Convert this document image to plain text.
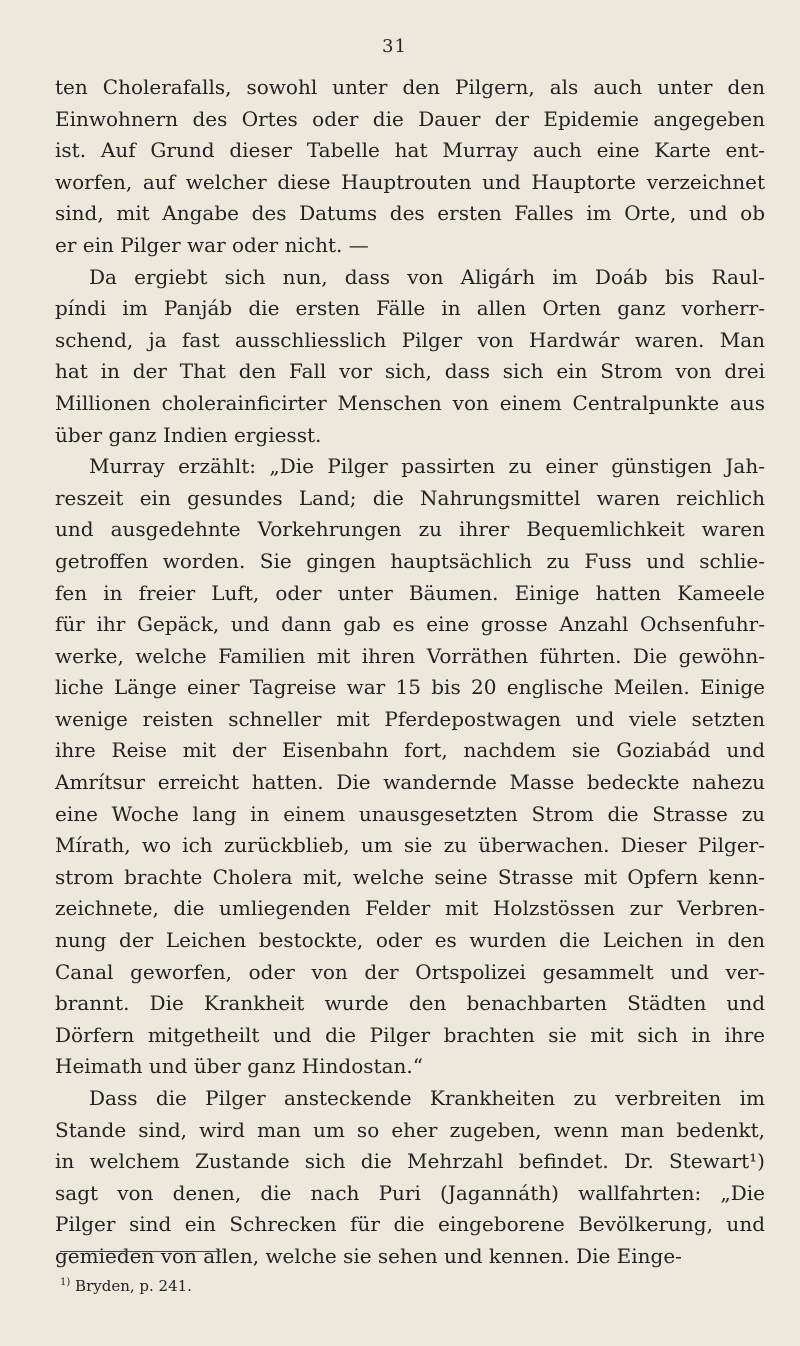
31
ten Cholerafalls, sowohl unter den Pilgern, als auch unter den
Einwohnern des Ortes oder die Dauer der Epidemie angegeben
ist. Auf Grund dieser Tabelle hat Murray auch eine Karte ent-
worfen, auf welcher diese Hauptrouten und Hauptorte verzeichnet
sind, mit Angabe des Datums des ersten Falles im Orte, und ob
er ein Pilger war oder nicht. —
Da ergiebt sich nun, dass von Aligárh im Doáb bis Raul-
píndi im Panjáb die ersten Fälle in allen Orten ganz vorherr-
schend, ja fast ausschliesslich Pilger von Hardwár waren. Man
hat in der That den Fall vor sich, dass sich ein Strom von drei
Millionen cholerainficirter Menschen von einem Centralpunkte aus
über ganz Indien ergiesst.
Murray erzählt: „Die Pilger passirten zu einer günstigen Jah-
reszeit ein gesundes Land; die Nahrungsmittel waren reichlich
und ausgedehnte Vorkehrungen zu ihrer Bequemlichkeit waren
getroffen worden. Sie gingen hauptsächlich zu Fuss und schlie-
fen in freier Luft, oder unter Bäumen. Einige hatten Kameele
für ihr Gepäck, und dann gab es eine grosse Anzahl Ochsenfuhr-
werke, welche Familien mit ihren Vorräthen führten. Die gewöhn-
liche Länge einer Tagreise war 15 bis 20 englische Meilen. Einige
wenige reisten schneller mit Pferdepostwagen und viele setzten
ihre Reise mit der Eisenbahn fort, nachdem sie Goziabád und
Amrítsur erreicht hatten. Die wandernde Masse bedeckte nahezu
eine Woche lang in einem unausgesetzten Strom die Strasse zu
Mírath, wo ich zurückblieb, um sie zu überwachen. Dieser Pilger-
strom brachte Cholera mit, welche seine Strasse mit Opfern kenn-
zeichnete, die umliegenden Felder mit Holzstössen zur Verbren-
nung der Leichen bestockte, oder es wurden die Leichen in den
Canal geworfen, oder von der Ortspolizei gesammelt und ver-
brannt. Die Krankheit wurde den benachbarten Städten und
Dörfern mitgetheilt und die Pilger brachten sie mit sich in ihre
Heimath und über ganz Hindostan.“
Dass die Pilger ansteckende Krankheiten zu verbreiten im
Stande sind, wird man um so eher zugeben, wenn man bedenkt,
in welchem Zustande sich die Mehrzahl befindet. Dr. Stewart¹)
sagt von denen, die nach Puri (Jagannáth) wallfahrten: „Die
Pilger sind ein Schrecken für die eingeborene Bevölkerung, und
gemieden von allen, welche sie sehen und kennen. Die Einge-
$^{1)}$ Bryden, p. 241.
